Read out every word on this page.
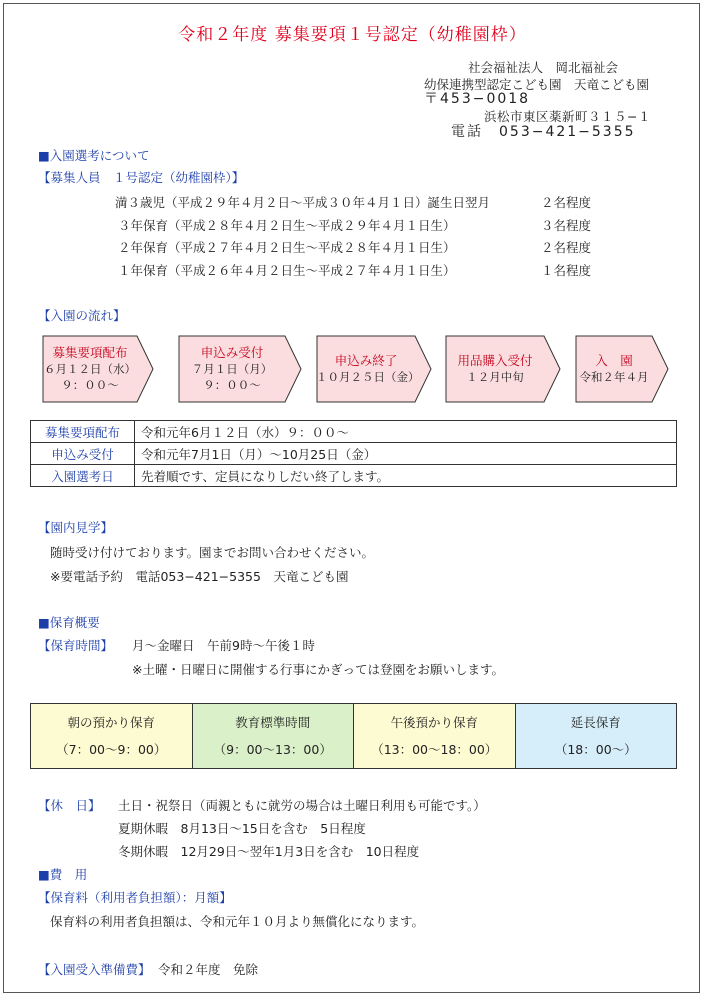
令和２年度 募集要項１号認定（幼稚園枠）
社会福祉法人　岡北福祉会
幼保連携型認定こども園　天竜こども園
〒453−0018
浜松市東区薬新町３１５−１
電話　053−421−5355
■入園選考について
【募集人員　１号認定（幼稚園枠）】
満３歳児（平成２９年４月２日〜平成３０年４月１日）誕生日翌月	２名程度
３年保育（平成２８年４月２日生〜平成２９年４月１日生）	３名程度
２年保育（平成２７年４月２日生〜平成２８年４月１日生）	２名程度
１年保育（平成２６年４月２日生〜平成２７年４月１日生）	１名程度
【入園の流れ】
募集要項配布
６月１２日（水）
９：００〜
申込み受付
７月１日（月）
９：００〜
申込み終了
１０月２５日（金）
用品購入受付
１２月中旬
入　園
令和２年４月
募集要項配布	令和元年6月１２日（水）９：００〜
申込み受付	令和元年7月1日（月）〜10月25日（金）
入園選考日	先着順です、定員になりしだい終了します。
【園内見学】
随時受け付けております。園までお問い合わせください。
※要電話予約　電話053−421−5355　天竜こども園
■保育概要
【保育時間】 月〜金曜日　午前9時〜午後１時
※土曜・日曜日に開催する行事にかぎっては登園をお願いします。
朝の預かり保育
（7：00〜9：00）

教育標準時間
（9：00〜13：00）

午後預かり保育
（13：00〜18：00）

延長保育
（18：00〜）
【休　日】 土日・祝祭日（両親ともに就労の場合は土曜日利用も可能です。）
夏期休暇　8月13日〜15日を含む　5日程度
冬期休暇　12月29日〜翌年1月3日を含む　10日程度
■費　用
【保育料（利用者負担額）：月額】
保育料の利用者負担額は、令和元年１０月より無償化になります。
【入園受入準備費】 令和２年度　免除
